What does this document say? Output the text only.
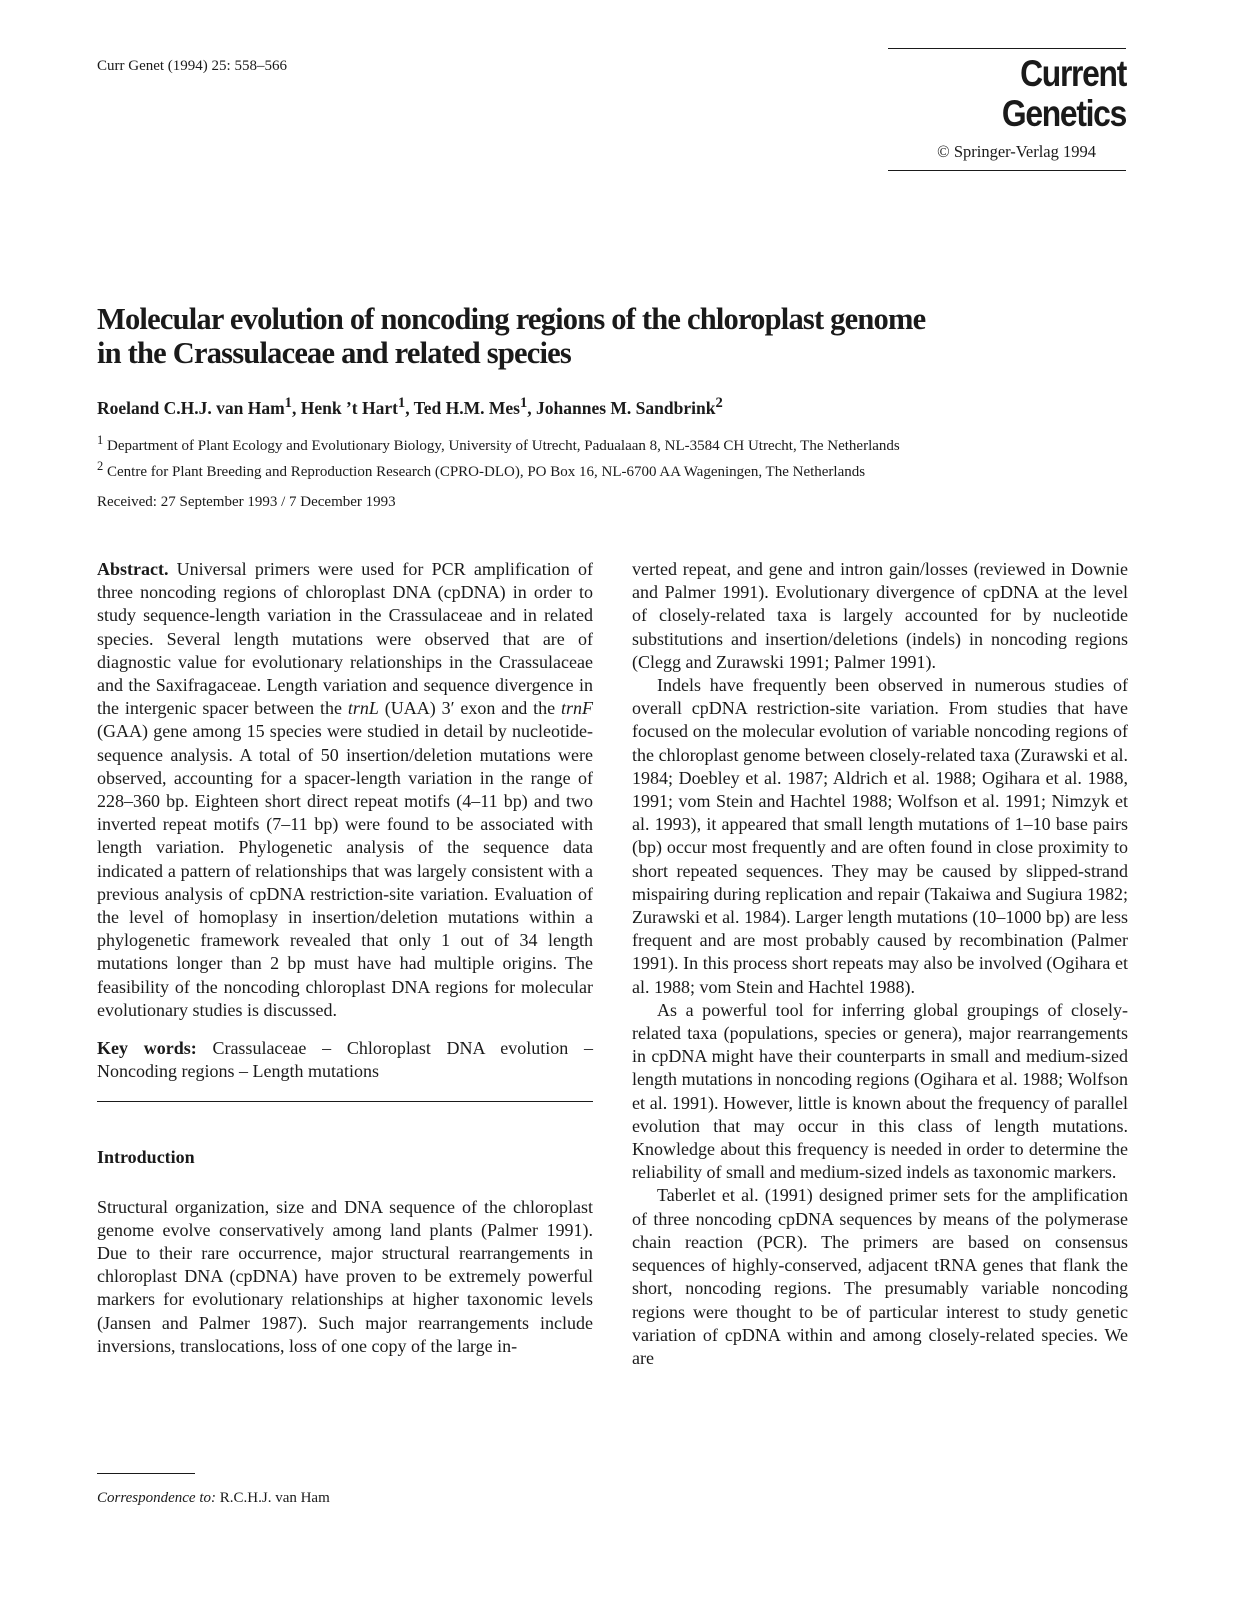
Curr Genet (1994) 25: 558–566	Current Genetics
© Springer-Verlag 1994
Molecular evolution of noncoding regions of the chloroplast genome
in the Crassulaceae and related species
Roeland C.H.J. van Ham$^1$, Henk ’t Hart$^1$, Ted H.M. Mes$^1$, Johannes M. Sandbrink$^2$
$^1$ Department of Plant Ecology and Evolutionary Biology, University of Utrecht, Padualaan 8, NL-3584 CH Utrecht, The Netherlands
$^2$ Centre for Plant Breeding and Reproduction Research (CPRO-DLO), PO Box 16, NL-6700 AA Wageningen, The Netherlands
Received: 27 September 1993 / 7 December 1993

Abstract. Universal primers were used for PCR amplification of three noncoding regions of chloroplast DNA (cpDNA) in order to study sequence-length variation in the Crassulaceae and in related species. Several length mutations were observed that are of diagnostic value for evolutionary relationships in the Crassulaceae and the Saxifragaceae. Length variation and sequence divergence in the intergenic spacer between the trnL (UAA) 3′ exon and the trnF (GAA) gene among 15 species were studied in detail by nucleotide-sequence analysis. A total of 50 insertion/deletion mutations were observed, accounting for a spacer-length variation in the range of 228–360 bp. Eighteen short direct repeat motifs (4–11 bp) and two inverted repeat motifs (7–11 bp) were found to be associated with length variation. Phylogenetic analysis of the sequence data indicated a pattern of relationships that was largely consistent with a previous analysis of cpDNA restriction-site variation. Evaluation of the level of homoplasy in insertion/deletion mutations within a phylogenetic framework revealed that only 1 out of 34 length mutations longer than 2 bp must have had multiple origins. The feasibility of the noncoding chloroplast DNA regions for molecular evolutionary studies is discussed.

Key words: Crassulaceae – Chloroplast DNA evolution – Noncoding regions – Length mutations

Introduction

Structural organization, size and DNA sequence of the chloroplast genome evolve conservatively among land plants (Palmer 1991). Due to their rare occurrence, major structural rearrangements in chloroplast DNA (cpDNA) have proven to be extremely powerful markers for evolutionary relationships at higher taxonomic levels (Jansen and Palmer 1987). Such major rearrangements include inversions, translocations, loss of one copy of the large in-

verted repeat, and gene and intron gain/losses (reviewed in Downie and Palmer 1991). Evolutionary divergence of cpDNA at the level of closely-related taxa is largely accounted for by nucleotide substitutions and insertion/deletions (indels) in noncoding regions (Clegg and Zurawski 1991; Palmer 1991).

Indels have frequently been observed in numerous studies of overall cpDNA restriction-site variation. From studies that have focused on the molecular evolution of variable noncoding regions of the chloroplast genome between closely-related taxa (Zurawski et al. 1984; Doebley et al. 1987; Aldrich et al. 1988; Ogihara et al. 1988, 1991; vom Stein and Hachtel 1988; Wolfson et al. 1991; Nimzyk et al. 1993), it appeared that small length mutations of 1–10 base pairs (bp) occur most frequently and are often found in close proximity to short repeated sequences. They may be caused by slipped-strand mispairing during replication and repair (Takaiwa and Sugiura 1982; Zurawski et al. 1984). Larger length mutations (10–1000 bp) are less frequent and are most probably caused by recombination (Palmer 1991). In this process short repeats may also be involved (Ogihara et al. 1988; vom Stein and Hachtel 1988).

As a powerful tool for inferring global groupings of closely-related taxa (populations, species or genera), major rearrangements in cpDNA might have their counterparts in small and medium-sized length mutations in noncoding regions (Ogihara et al. 1988; Wolfson et al. 1991). However, little is known about the frequency of parallel evolution that may occur in this class of length mutations. Knowledge about this frequency is needed in order to determine the reliability of small and medium-sized indels as taxonomic markers.

Taberlet et al. (1991) designed primer sets for the amplification of three noncoding cpDNA sequences by means of the polymerase chain reaction (PCR). The primers are based on consensus sequences of highly-conserved, adjacent tRNA genes that flank the short, noncoding regions. The presumably variable noncoding regions were thought to be of particular interest to study genetic variation of cpDNA within and among closely-related species. We are

Correspondence to: R.C.H.J. van Ham
